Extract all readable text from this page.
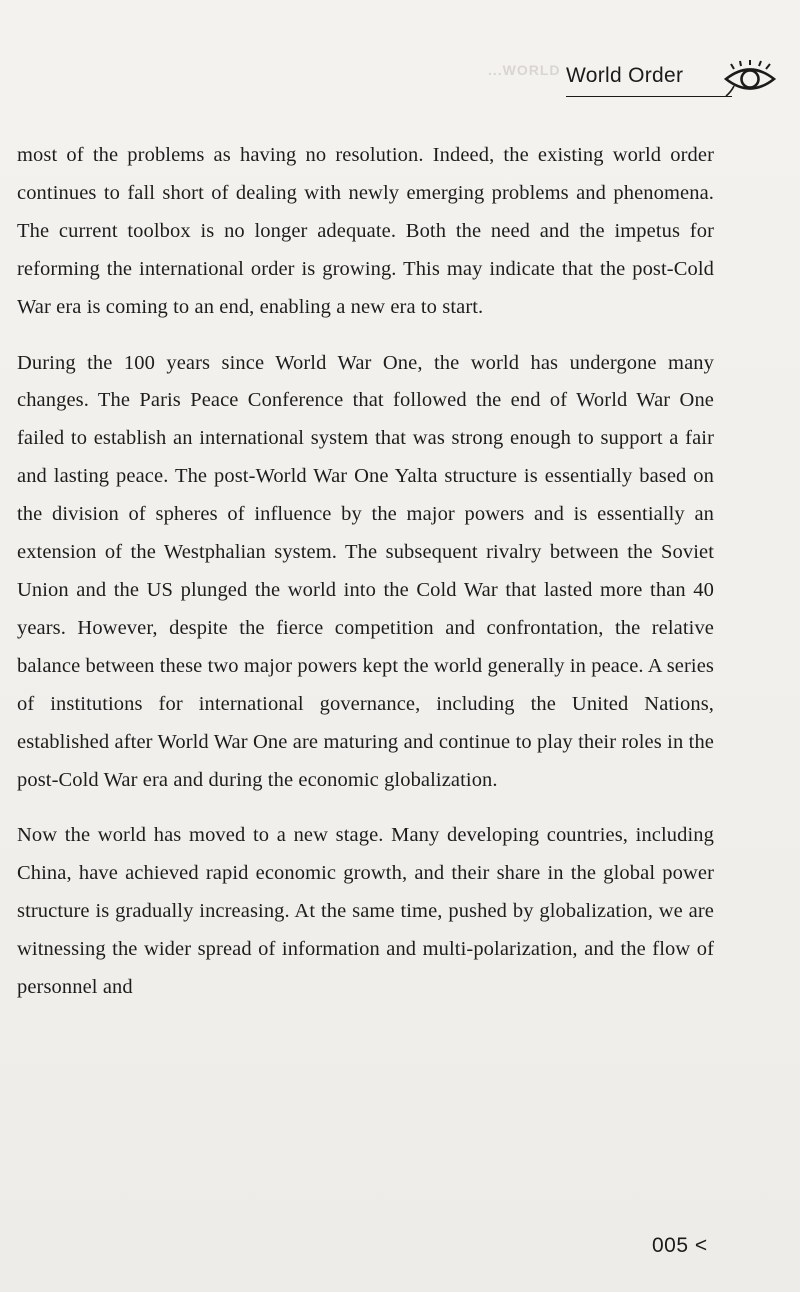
...WORLD World Order

most of the problems as having no resolution. Indeed, the existing world order continues to fall short of dealing with newly emerging problems and phenomena. The current toolbox is no longer adequate. Both the need and the impetus for reforming the international order is growing. This may indicate that the post-Cold War era is coming to an end, enabling a new era to start.

During the 100 years since World War One, the world has undergone many changes. The Paris Peace Conference that followed the end of World War One failed to establish an international system that was strong enough to support a fair and lasting peace. The post-World War One Yalta structure is essentially based on the division of spheres of influence by the major powers and is essentially an extension of the Westphalian system. The subsequent rivalry between the Soviet Union and the US plunged the world into the Cold War that lasted more than 40 years. However, despite the fierce competition and confrontation, the relative balance between these two major powers kept the world generally in peace. A series of institutions for international governance, including the United Nations, established after World War One are maturing and continue to play their roles in the post-Cold War era and during the economic globalization.

Now the world has moved to a new stage. Many developing countries, including China, have achieved rapid economic growth, and their share in the global power structure is gradually increasing. At the same time, pushed by globalization, we are witnessing the wider spread of information and multi-polarization, and the flow of personnel and

005 <
